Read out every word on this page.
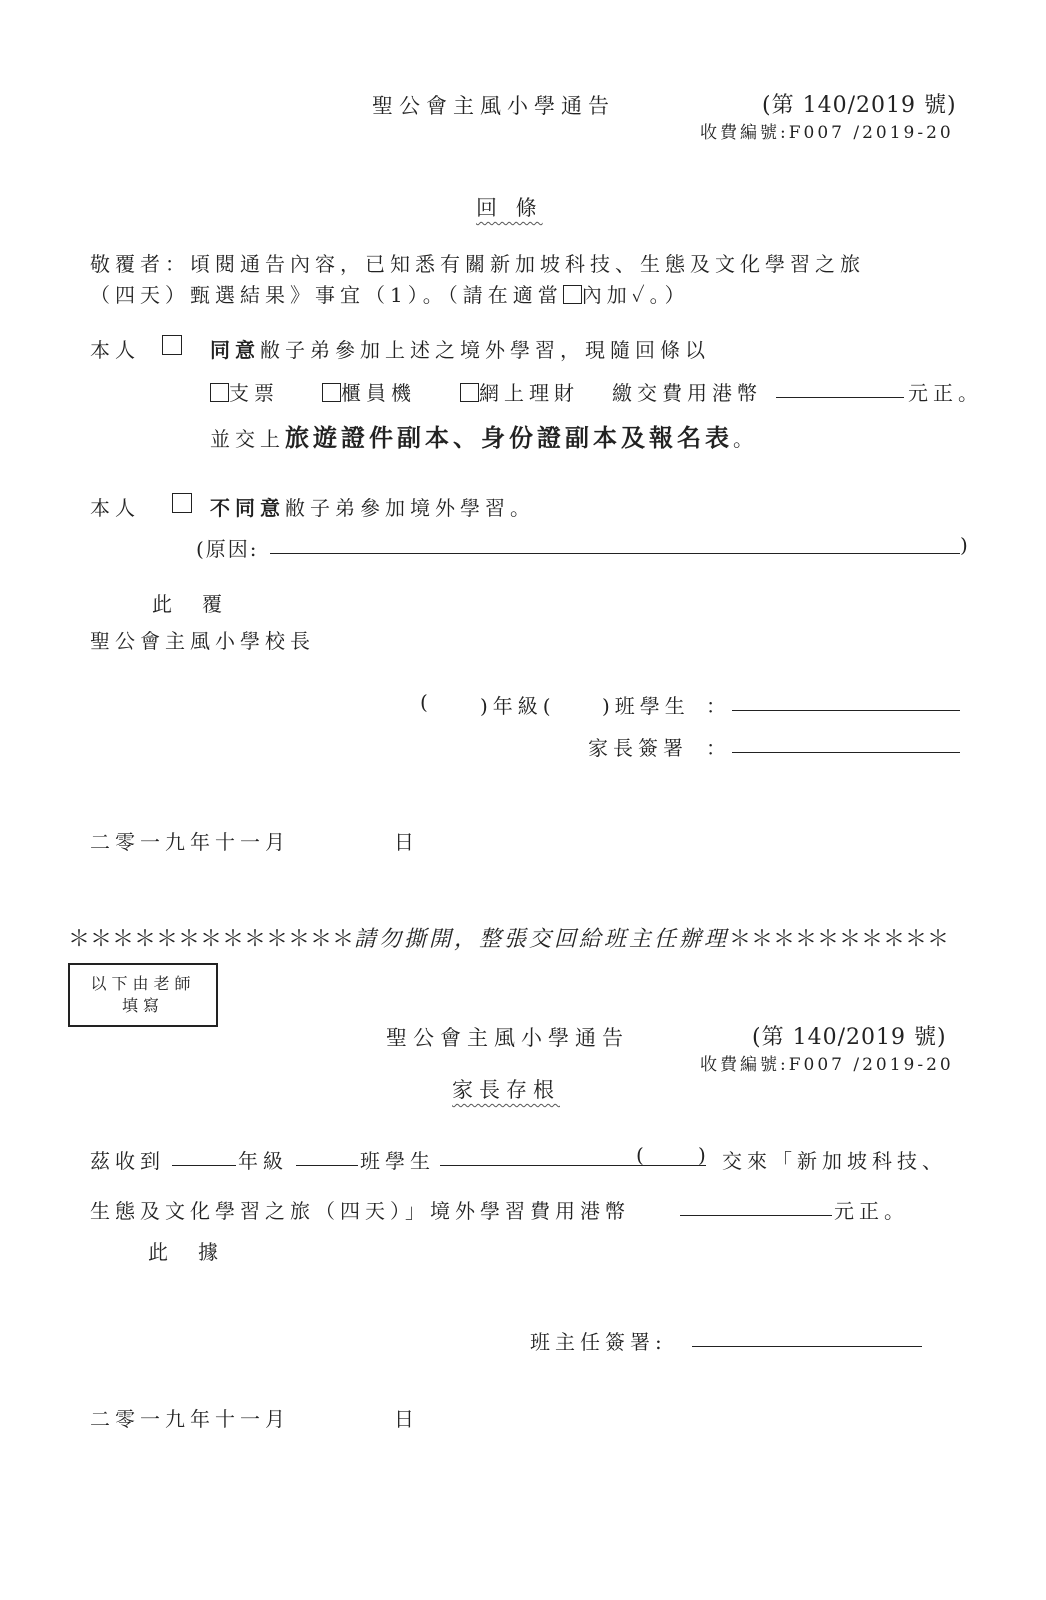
聖公會主風小學通告	(第 140/2019 號)
收費編號:F007 /2019-20
回 條
敬覆者：頃閱通告內容，已知悉有關新加坡科技、生態及文化學習之旅
（四天）甄選結果》事宜（1）。（請在適當 內加✓。）
本人	同意敝子弟參加上述之境外學習，現隨回條以
支票	櫃員機	網上理財 繳交費用港幣	元正。
並交上旅遊證件副本、身份證副本及報名表。
本人	不同意敝子弟參加境外學習。
(原因:	)
此　覆
聖公會主風小學校長
(	)年級( )班學生 ：
家長簽署 ：
二零一九年十一月	日
＊＊＊＊＊＊＊＊＊＊＊＊＊請勿撕開，整張交回給班主任辦理＊＊＊＊＊＊＊＊＊＊
以下由老師
填寫
聖公會主風小學通告	(第 140/2019 號)
收費編號:F007 /2019-20
家長存根
茲收到	年級	班學生	(	) 交來「新加坡科技、
生態及文化學習之旅（四天）」境外學習費用港幣	元正。
此　據
班主任簽署:
二零一九年十一月	日
